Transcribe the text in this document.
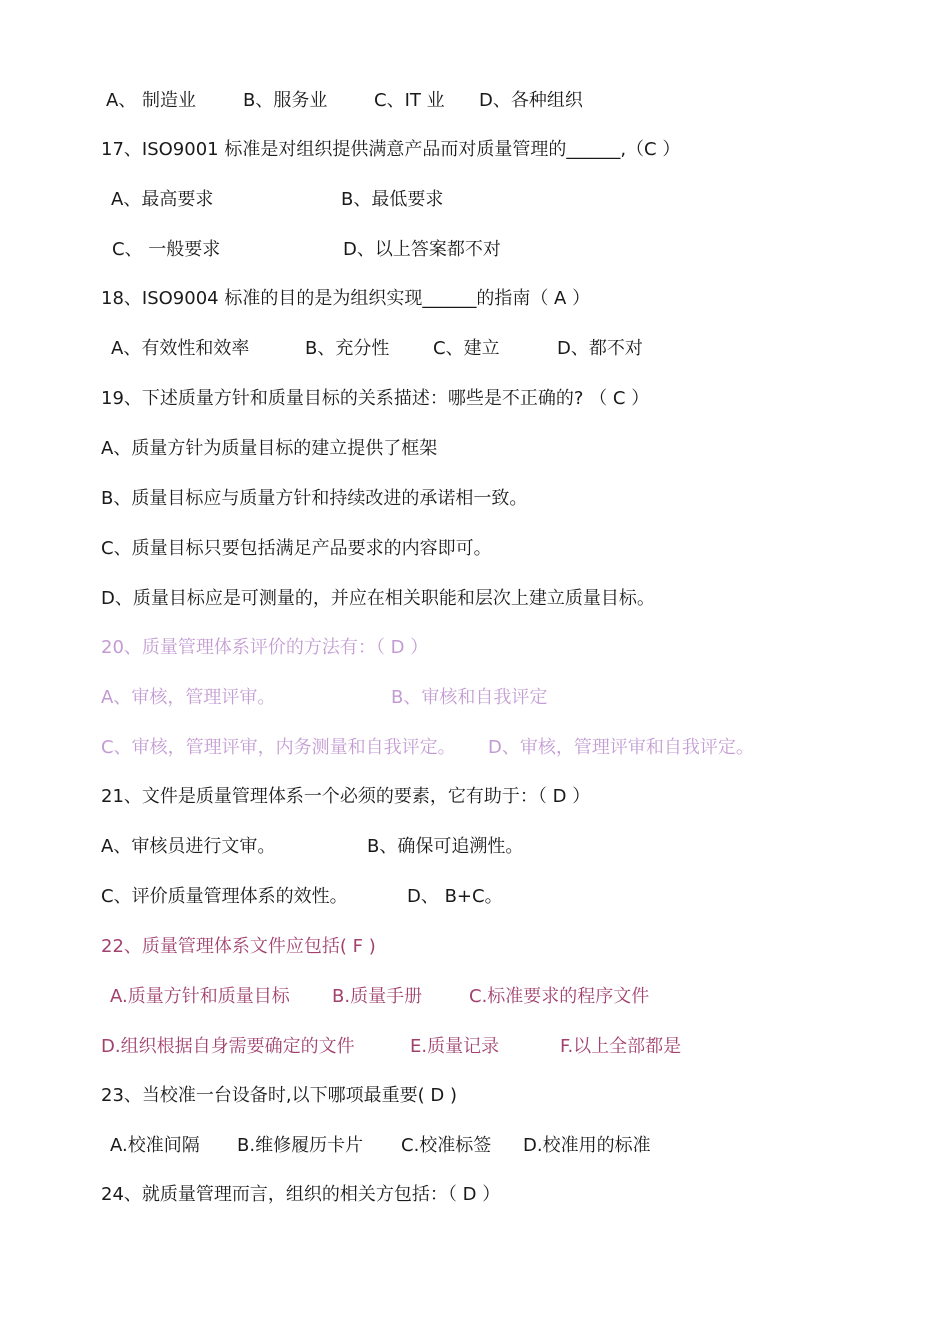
A、 制造业	B、服务业	C、IT 业 D、各种组织
17、ISO9001 标准是对组织提供满意产品而对质量管理的______,（C ）
A、最高要求	B、最低要求
C、 一般要求	D、以上答案都不对
18、ISO9004 标准的目的是为组织实现______的指南（ A ）
A、有效性和效率	B、充分性 C、建立	D、都不对
19、下述质量方针和质量目标的关系描述：哪些是不正确的? （ C ）
A、质量方针为质量目标的建立提供了框架
B、质量目标应与质量方针和持续改进的承诺相一致。
C、质量目标只要包括满足产品要求的内容即可。
D、质量目标应是可测量的，并应在相关职能和层次上建立质量目标。
20、质量管理体系评价的方法有：（ D ）
A、审核，管理评审。	B、审核和自我评定
C、审核，管理评审，内务测量和自我评定。 D、审核，管理评审和自我评定。
21、文件是质量管理体系一个必须的要素，它有助于：（ D ）
A、审核员进行文审。	B、确保可追溯性。
C、评价质量管理体系的效性。	D、 B+C。
22、质量管理体系文件应包括( F )
A.质量方针和质量目标 B.质量手册	C.标准要求的程序文件
D.组织根据自身需要确定的文件	E.质量记录	F.以上全部都是
23、当校准一台设备时,以下哪项最重要( D )
A.校准间隔 B.维修履历卡片 C.校准标签 D.校准用的标准
24、就质量管理而言，组织的相关方包括：（ D ）
